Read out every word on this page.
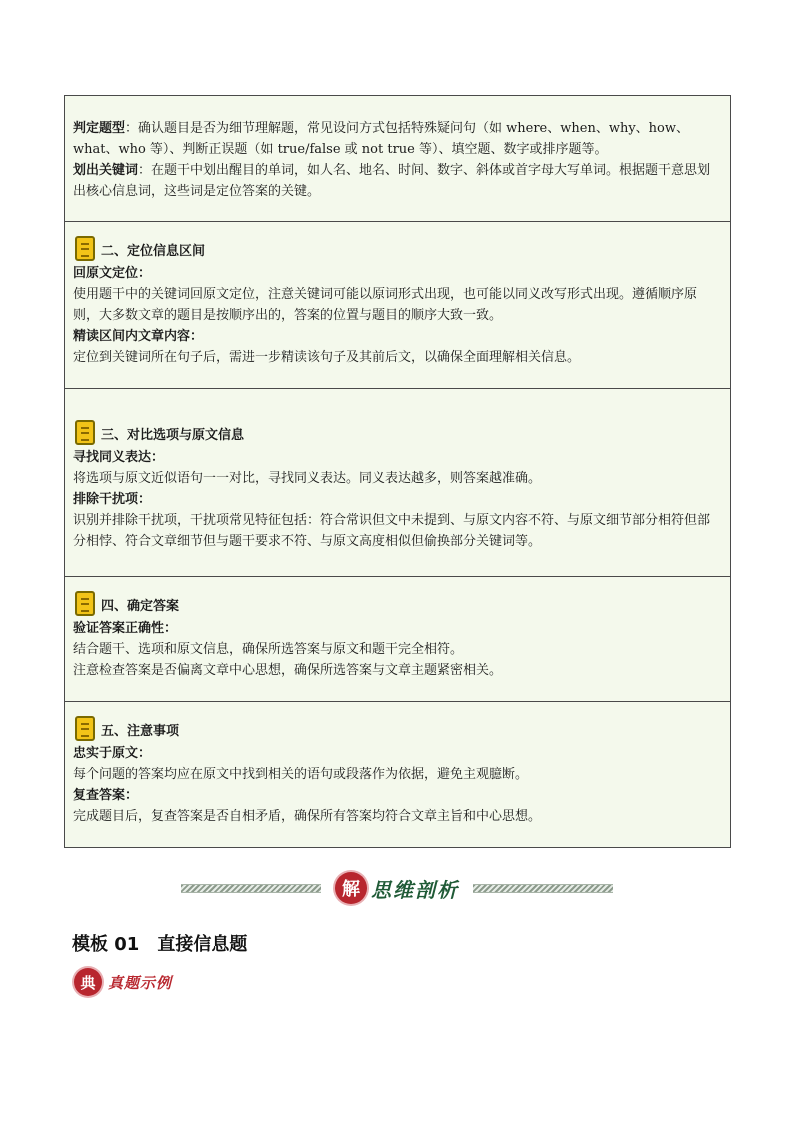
判定题型：确认题目是否为细节理解题，常见设问方式包括特殊疑问句（如 where、when、why、how、what、who 等）、判断正误题（如 true/false 或 not true 等）、填空题、数字或排序题等。

划出关键词：在题干中划出醒目的单词，如人名、地名、时间、数字、斜体或首字母大写单词。根据题干意思划出核心信息词，这些词是定位答案的关键。

二、定位信息区间

回原文定位：

使用题干中的关键词回原文定位，注意关键词可能以原词形式出现，也可能以同义改写形式出现。遵循顺序原则，大多数文章的题目是按顺序出的，答案的位置与题目的顺序大致一致。

精读区间内文章内容：

定位到关键词所在句子后，需进一步精读该句子及其前后文，以确保全面理解相关信息。

三、对比选项与原文信息

寻找同义表达：

将选项与原文近似语句一一对比，寻找同义表达。同义表达越多，则答案越准确。

排除干扰项：

识别并排除干扰项，干扰项常见特征包括：符合常识但文中未提到、与原文内容不符、与原文细节部分相符但部分相悖、符合文章细节但与题干要求不符、与原文高度相似但偷换部分关键词等。

四、确定答案

验证答案正确性：

结合题干、选项和原文信息，确保所选答案与原文和题干完全相符。

注意检查答案是否偏离文章中心思想，确保所选答案与文章主题紧密相关。

五、注意事项

忠实于原文：

每个问题的答案均应在原文中找到相关的语句或段落作为依据，避免主观臆断。

复查答案：

完成题目后，复查答案是否自相矛盾，确保所有答案均符合文章主旨和中心思想。

解 思维剖析
模板 01　直接信息题
典 真题示例
